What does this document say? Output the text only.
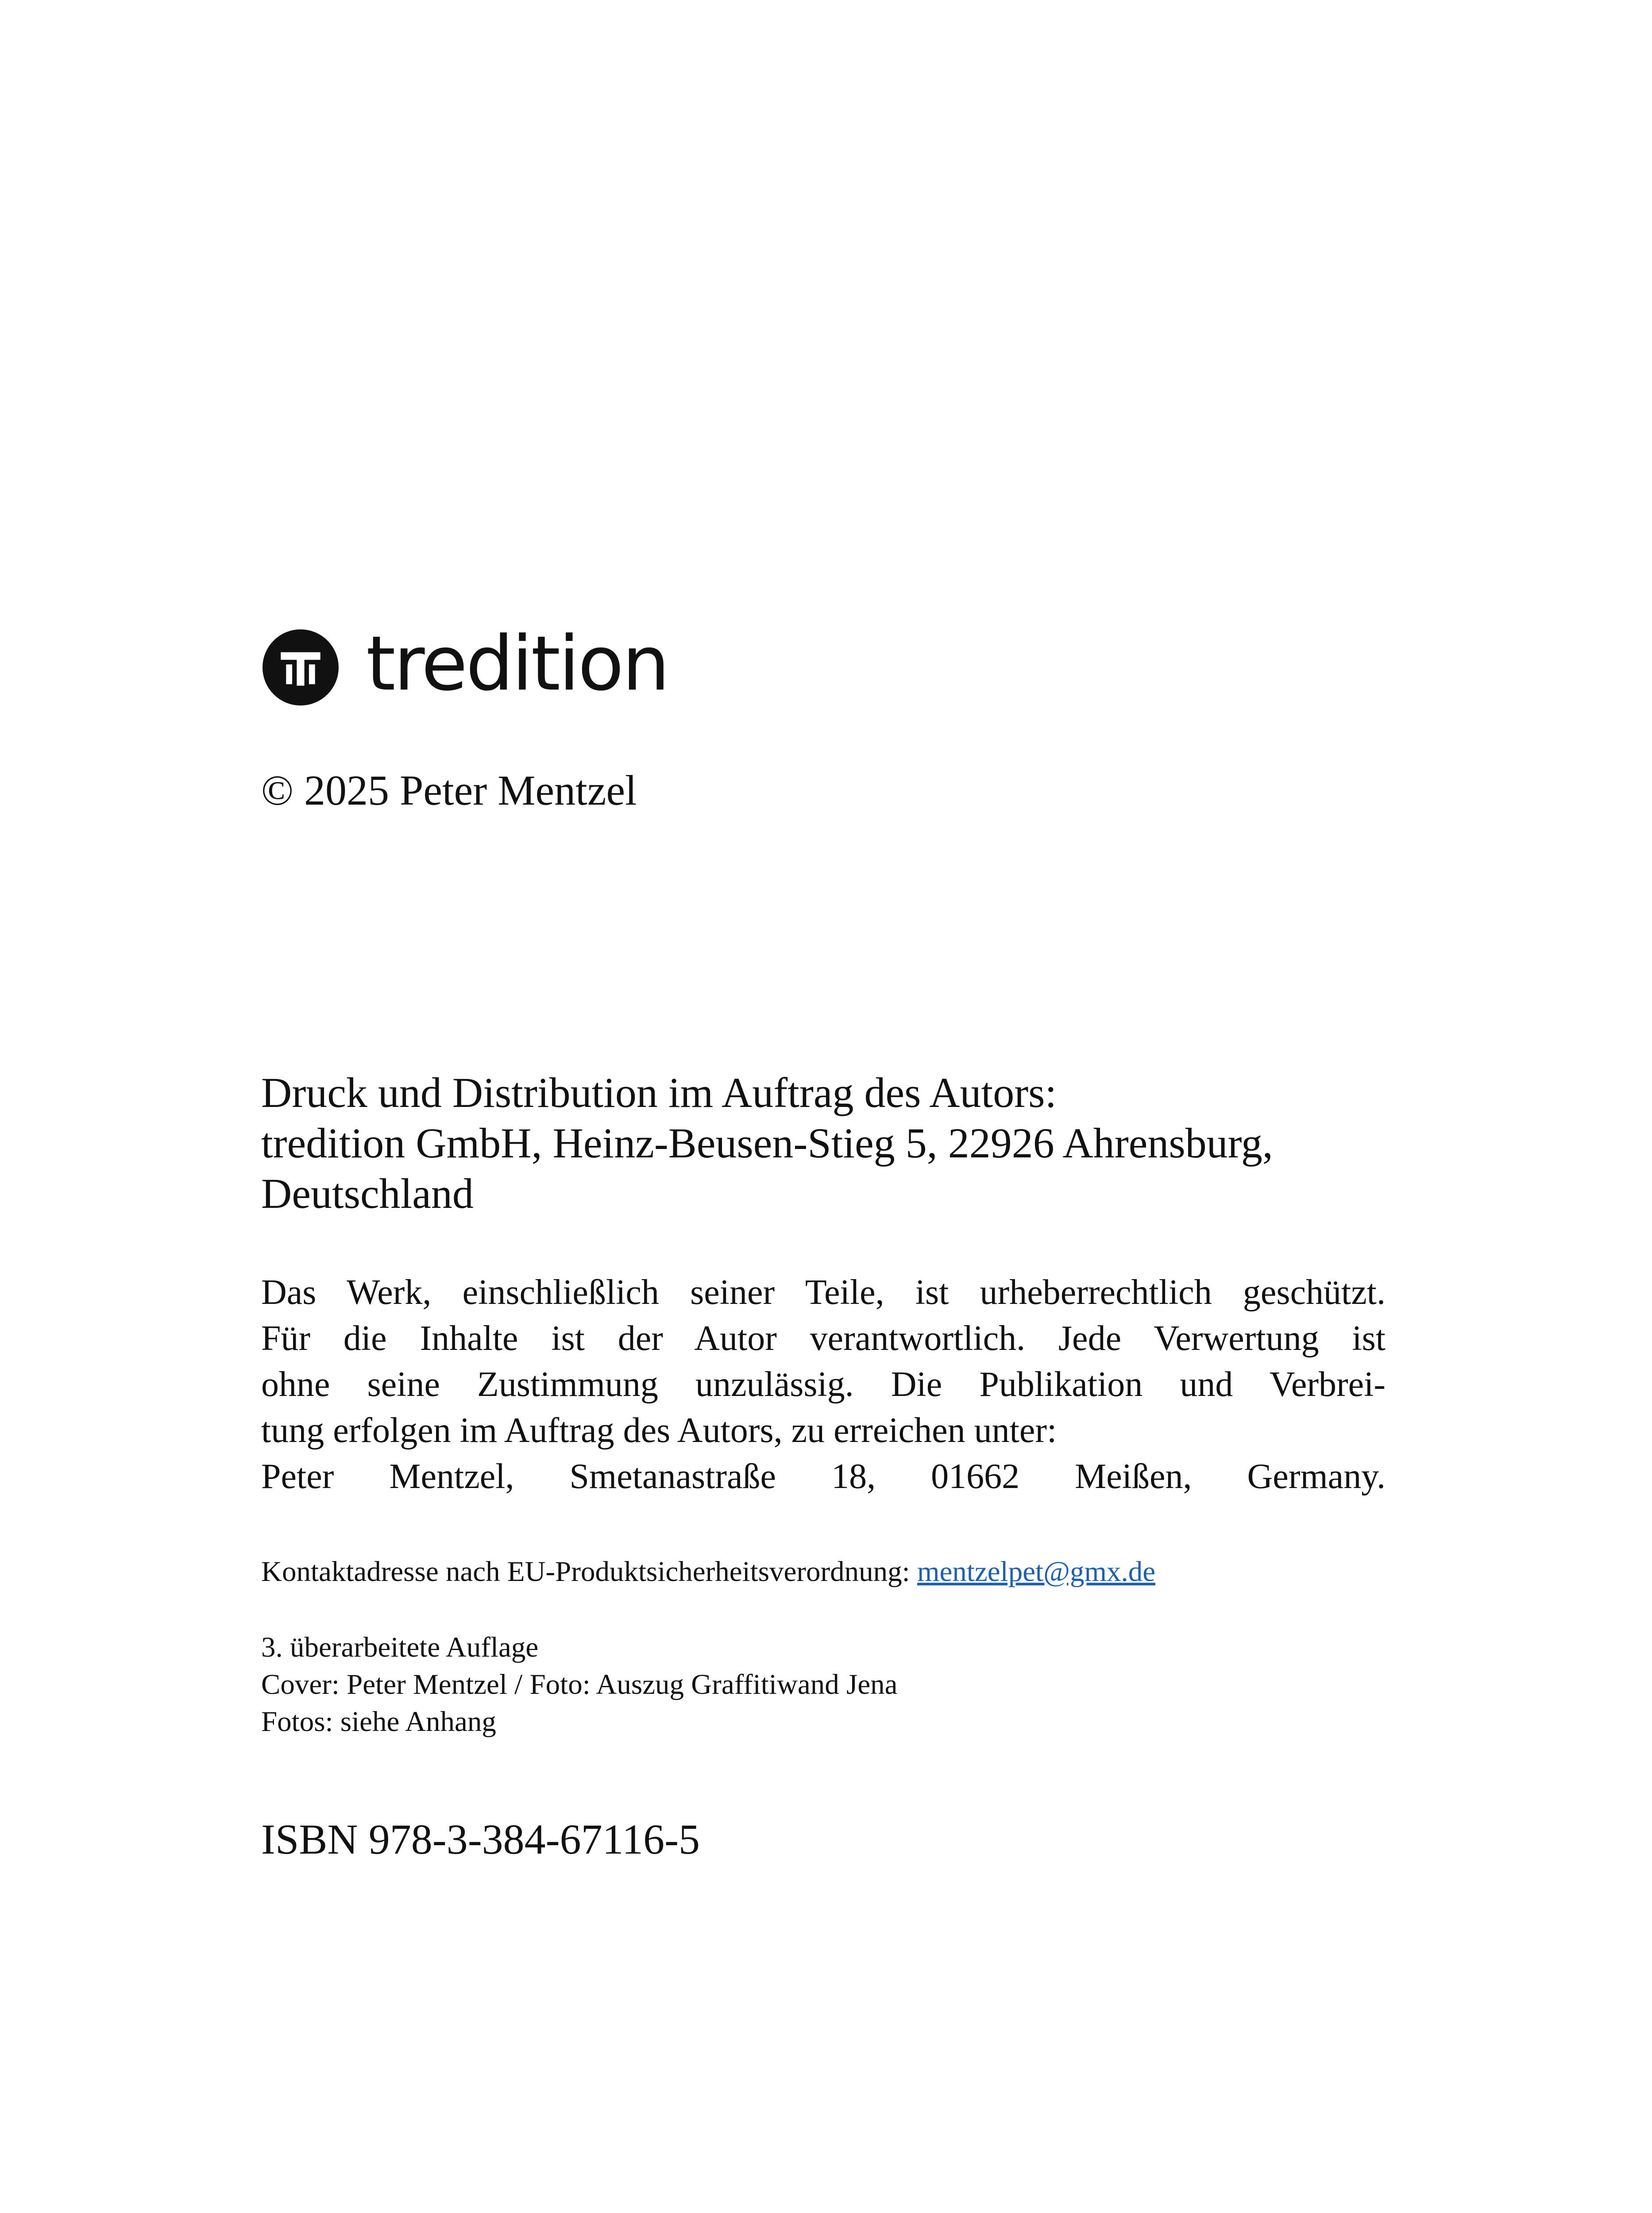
tredition
© 2025 Peter Mentzel
Druck und Distribution im Auftrag des Autors:
tredition GmbH, Heinz-Beusen-Stieg 5, 22926 Ahrensburg,
Deutschland
Das Werk, einschließlich seiner Teile, ist urheberrechtlich geschützt.
Für die Inhalte ist der Autor verantwortlich. Jede Verwertung ist
ohne seine Zustimmung unzulässig. Die Publikation und Verbrei-
tung erfolgen im Auftrag des Autors, zu erreichen unter:
Peter Mentzel, Smetanastraße 18, 01662 Meißen, Germany.
Kontaktadresse nach EU-Produktsicherheitsverordnung: mentzelpet@gmx.de
3. überarbeitete Auflage
Cover: Peter Mentzel / Foto: Auszug Graffitiwand Jena
Fotos: siehe Anhang
ISBN 978-3-384-67116-5
